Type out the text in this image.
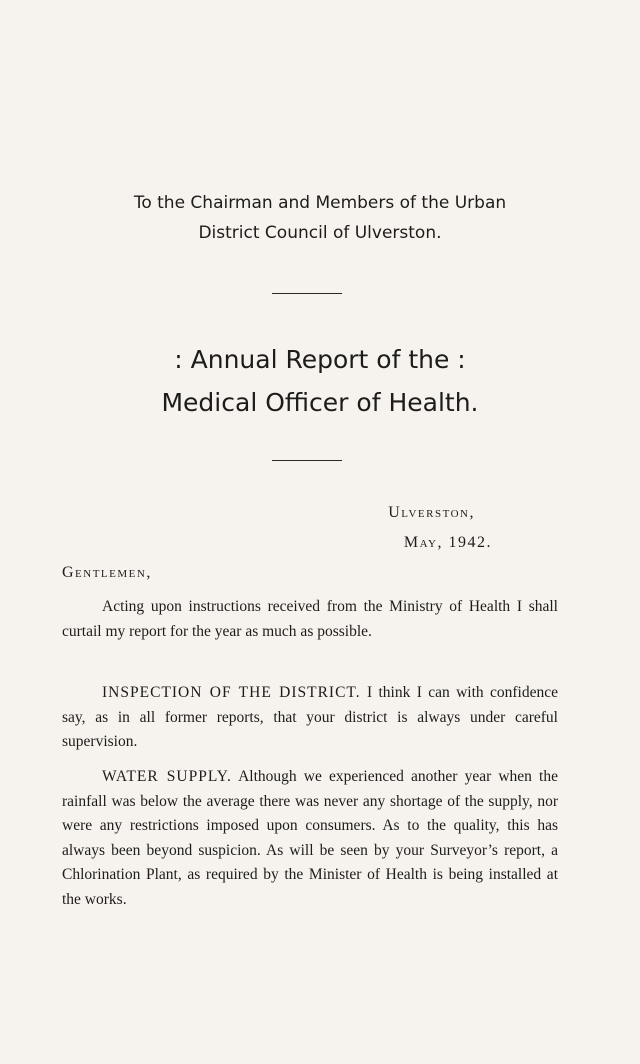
To the Chairman and Members of the Urban
District Council of Ulverston.
: Annual Report of the :
Medical Officer of Health.
Ulverston,
May, 1942.
Gentlemen,

Acting upon instructions received from the Ministry of Health I shall curtail my report for the year as much as possible.

INSPECTION OF THE DISTRICT. I think I can with confidence say, as in all former reports, that your district is always under careful supervision.

WATER SUPPLY. Although we experienced another year when the rainfall was below the average there was never any shortage of the supply, nor were any restrictions imposed upon consumers. As to the quality, this has always been beyond suspicion. As will be seen by your Surveyor’s report, a Chlorination Plant, as required by the Minister of Health is being installed at the works.
